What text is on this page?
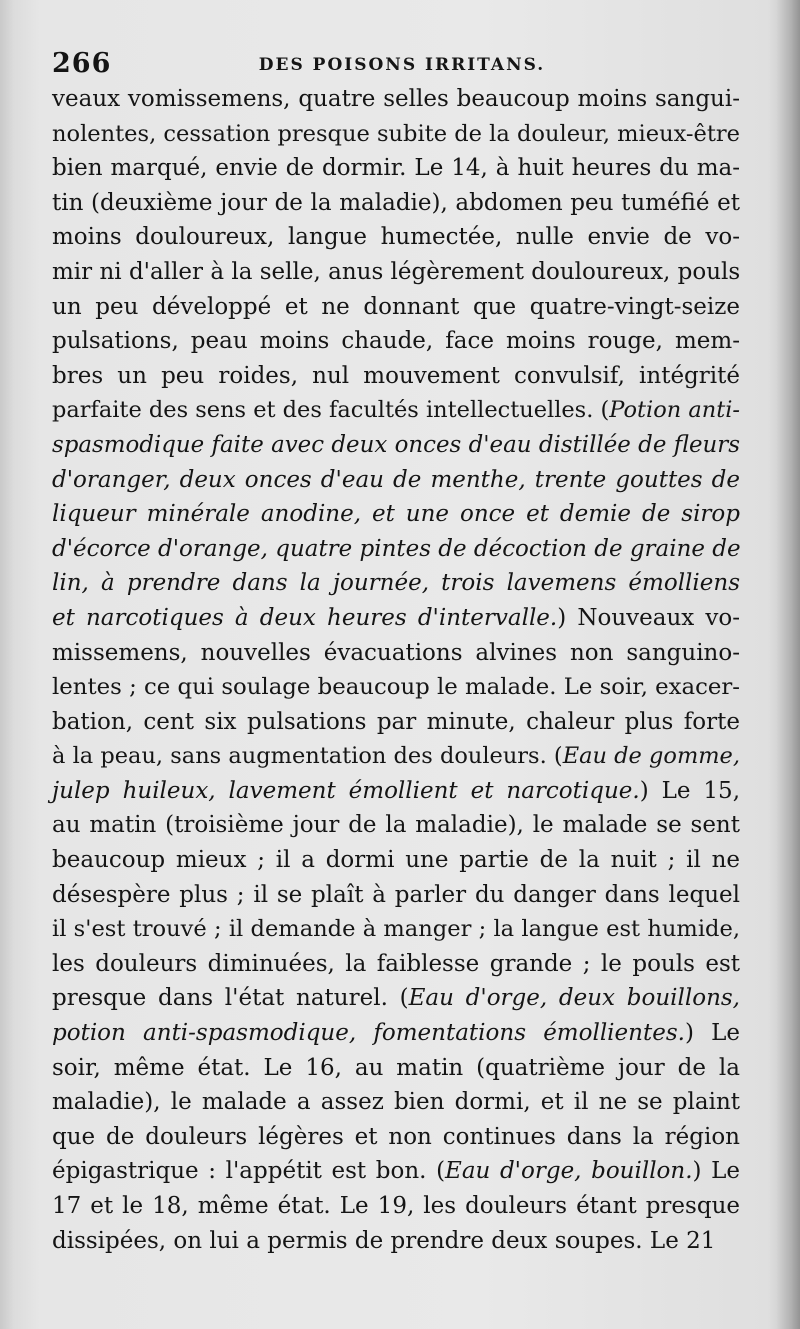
266	DES POISONS IRRITANS.
veaux vomissemens, quatre selles beaucoup moins sangui-
nolentes, cessation presque subite de la douleur, mieux-être
bien marqué, envie de dormir. Le 14, à huit heures du ma-
tin (deuxième jour de la maladie), abdomen peu tuméfié et
moins douloureux, langue humectée, nulle envie de vo-
mir ni d'aller à la selle, anus légèrement douloureux, pouls
un peu développé et ne donnant que quatre-vingt-seize
pulsations, peau moins chaude, face moins rouge, mem-
bres un peu roides, nul mouvement convulsif, intégrité
parfaite des sens et des facultés intellectuelles. (Potion anti-
spasmodique faite avec deux onces d'eau distillée de fleurs
d'oranger, deux onces d'eau de menthe, trente gouttes de
liqueur minérale anodine, et une once et demie de sirop
d'écorce d'orange, quatre pintes de décoction de graine de
lin, à prendre dans la journée, trois lavemens émolliens
et narcotiques à deux heures d'intervalle.) Nouveaux vo-
missemens, nouvelles évacuations alvines non sanguino-
lentes ; ce qui soulage beaucoup le malade. Le soir, exacer-
bation, cent six pulsations par minute, chaleur plus forte
à la peau, sans augmentation des douleurs. (Eau de gomme,
julep huileux, lavement émollient et narcotique.) Le 15,
au matin (troisième jour de la maladie), le malade se sent
beaucoup mieux ; il a dormi une partie de la nuit ; il ne
désespère plus ; il se plaît à parler du danger dans lequel
il s'est trouvé ; il demande à manger ; la langue est humide,
les douleurs diminuées, la faiblesse grande ; le pouls est
presque dans l'état naturel. (Eau d'orge, deux bouillons,
potion anti-spasmodique, fomentations émollientes.) Le
soir, même état. Le 16, au matin (quatrième jour de la
maladie), le malade a assez bien dormi, et il ne se plaint
que de douleurs légères et non continues dans la région
épigastrique : l'appétit est bon. (Eau d'orge, bouillon.) Le
17 et le 18, même état. Le 19, les douleurs étant presque
dissipées, on lui a permis de prendre deux soupes. Le 21
